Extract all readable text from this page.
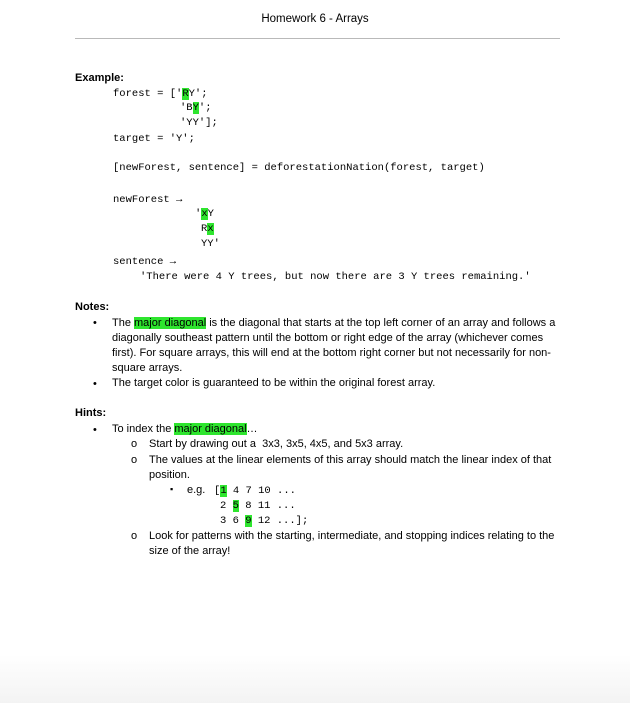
Homework 6 - Arrays
Example:
forest = ['RY';
'BY';
'YY'];
target = 'Y';
[newForest, sentence] = deforestationNation(forest, target)
newForest →
'xY
Rx
YY'
sentence →
'There were 4 Y trees, but now there are 3 Y trees remaining.'
Notes:
• The major diagonal is the diagonal that starts at the top left corner of an array and follows a diagonally southeast pattern until the bottom or right edge of the array (whichever comes first). For square arrays, this will end at the bottom right corner but not necessarily for non-square arrays.
• The target color is guaranteed to be within the original forest array.
Hints:
• To index the major diagonal…
o Start by drawing out a  3x3, 3x5, 4x5, and 5x3 array.
o The values at the linear elements of this array should match the linear index of that position.
▪ e.g. [1 4 7 10 ...
2 5 8 11 ...
3 6 9 12 ...];
o Look for patterns with the starting, intermediate, and stopping indices relating to the size of the array!
